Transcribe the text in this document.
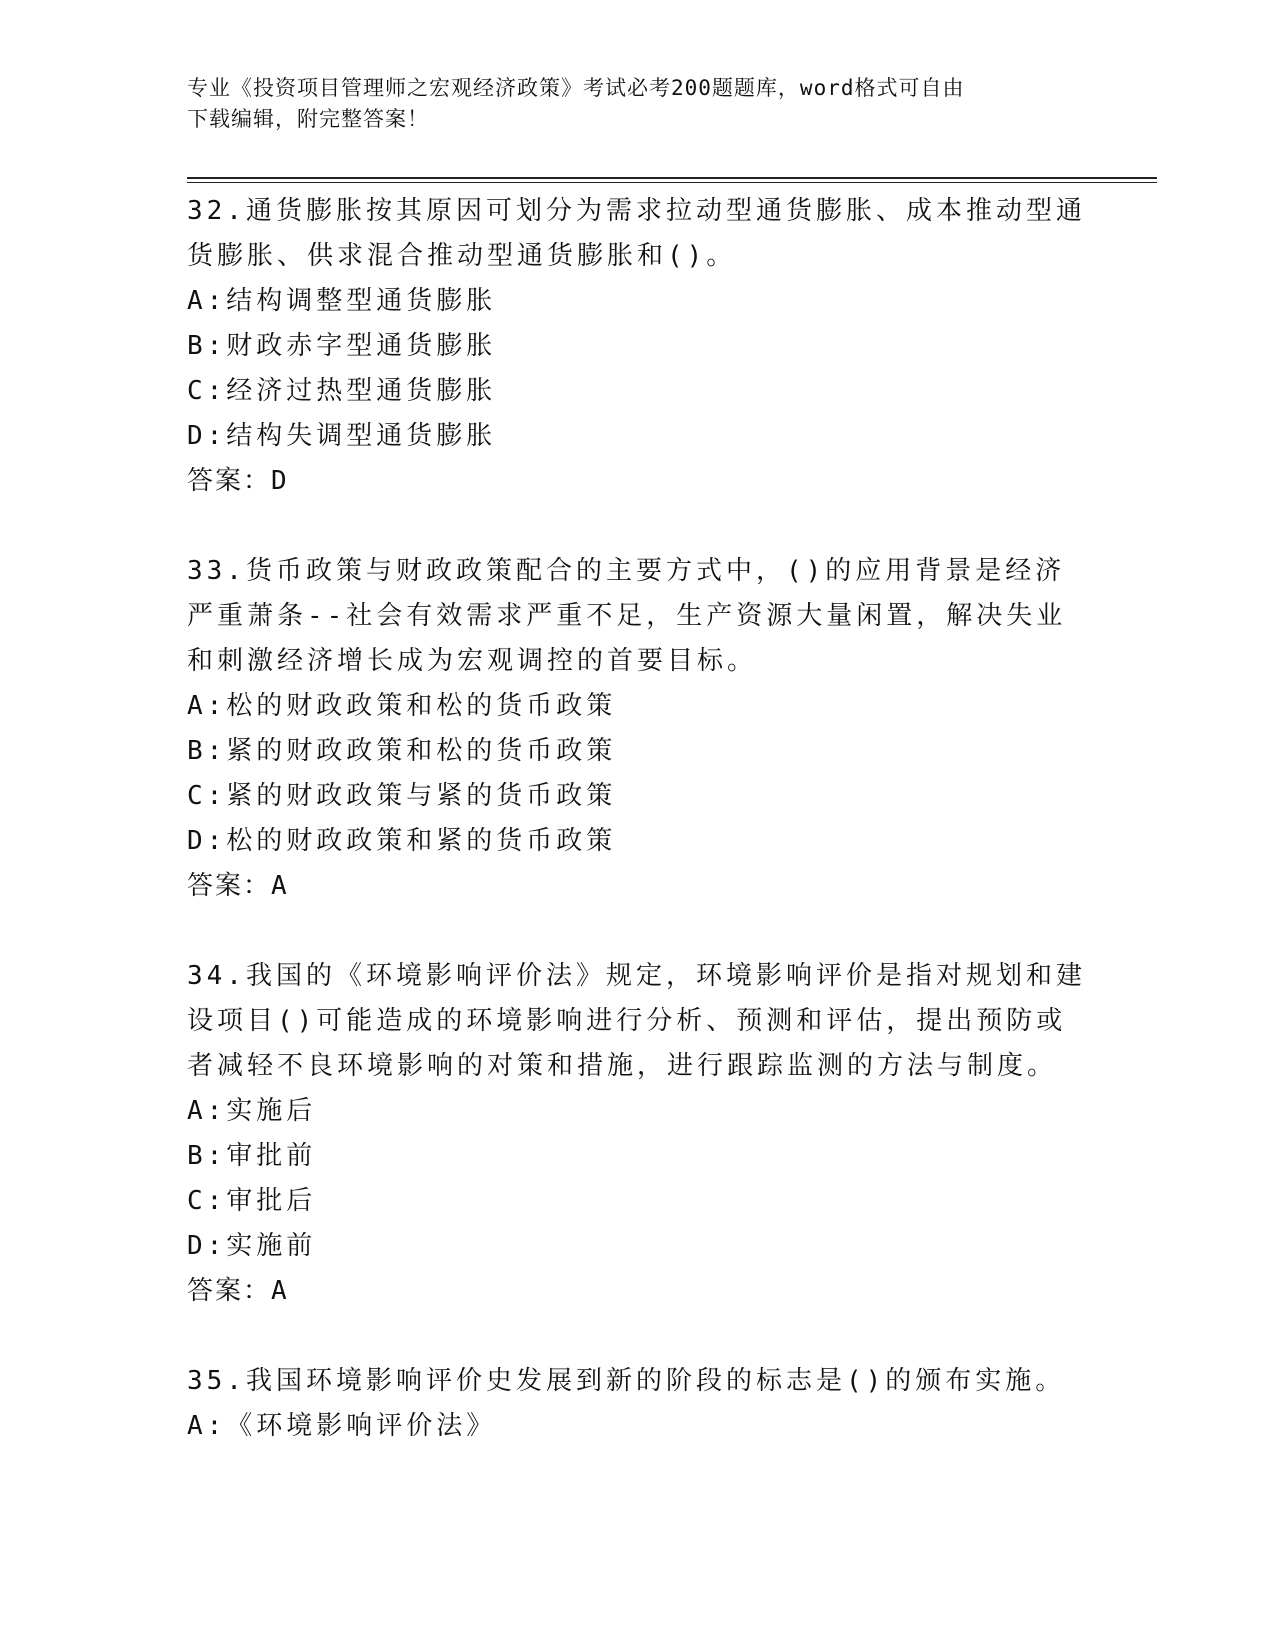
专业《投资项目管理师之宏观经济政策》考试必考200题题库，word格式可自由
下载编辑，附完整答案！
32.通货膨胀按其原因可划分为需求拉动型通货膨胀、成本推动型通货膨胀、供求混合推动型通货膨胀和()。
A:结构调整型通货膨胀
B:财政赤字型通货膨胀
C:经济过热型通货膨胀
D:结构失调型通货膨胀
答案：D
33.货币政策与财政政策配合的主要方式中，()的应用背景是经济严重萧条--社会有效需求严重不足，生产资源大量闲置，解决失业和刺激经济增长成为宏观调控的首要目标。
A:松的财政政策和松的货币政策
B:紧的财政政策和松的货币政策
C:紧的财政政策与紧的货币政策
D:松的财政政策和紧的货币政策
答案：A
34.我国的《环境影响评价法》规定，环境影响评价是指对规划和建设项目()可能造成的环境影响进行分析、预测和评估，提出预防或者减轻不良环境影响的对策和措施，进行跟踪监测的方法与制度。
A:实施后
B:审批前
C:审批后
D:实施前
答案：A
35.我国环境影响评价史发展到新的阶段的标志是()的颁布实施。
A:《环境影响评价法》
